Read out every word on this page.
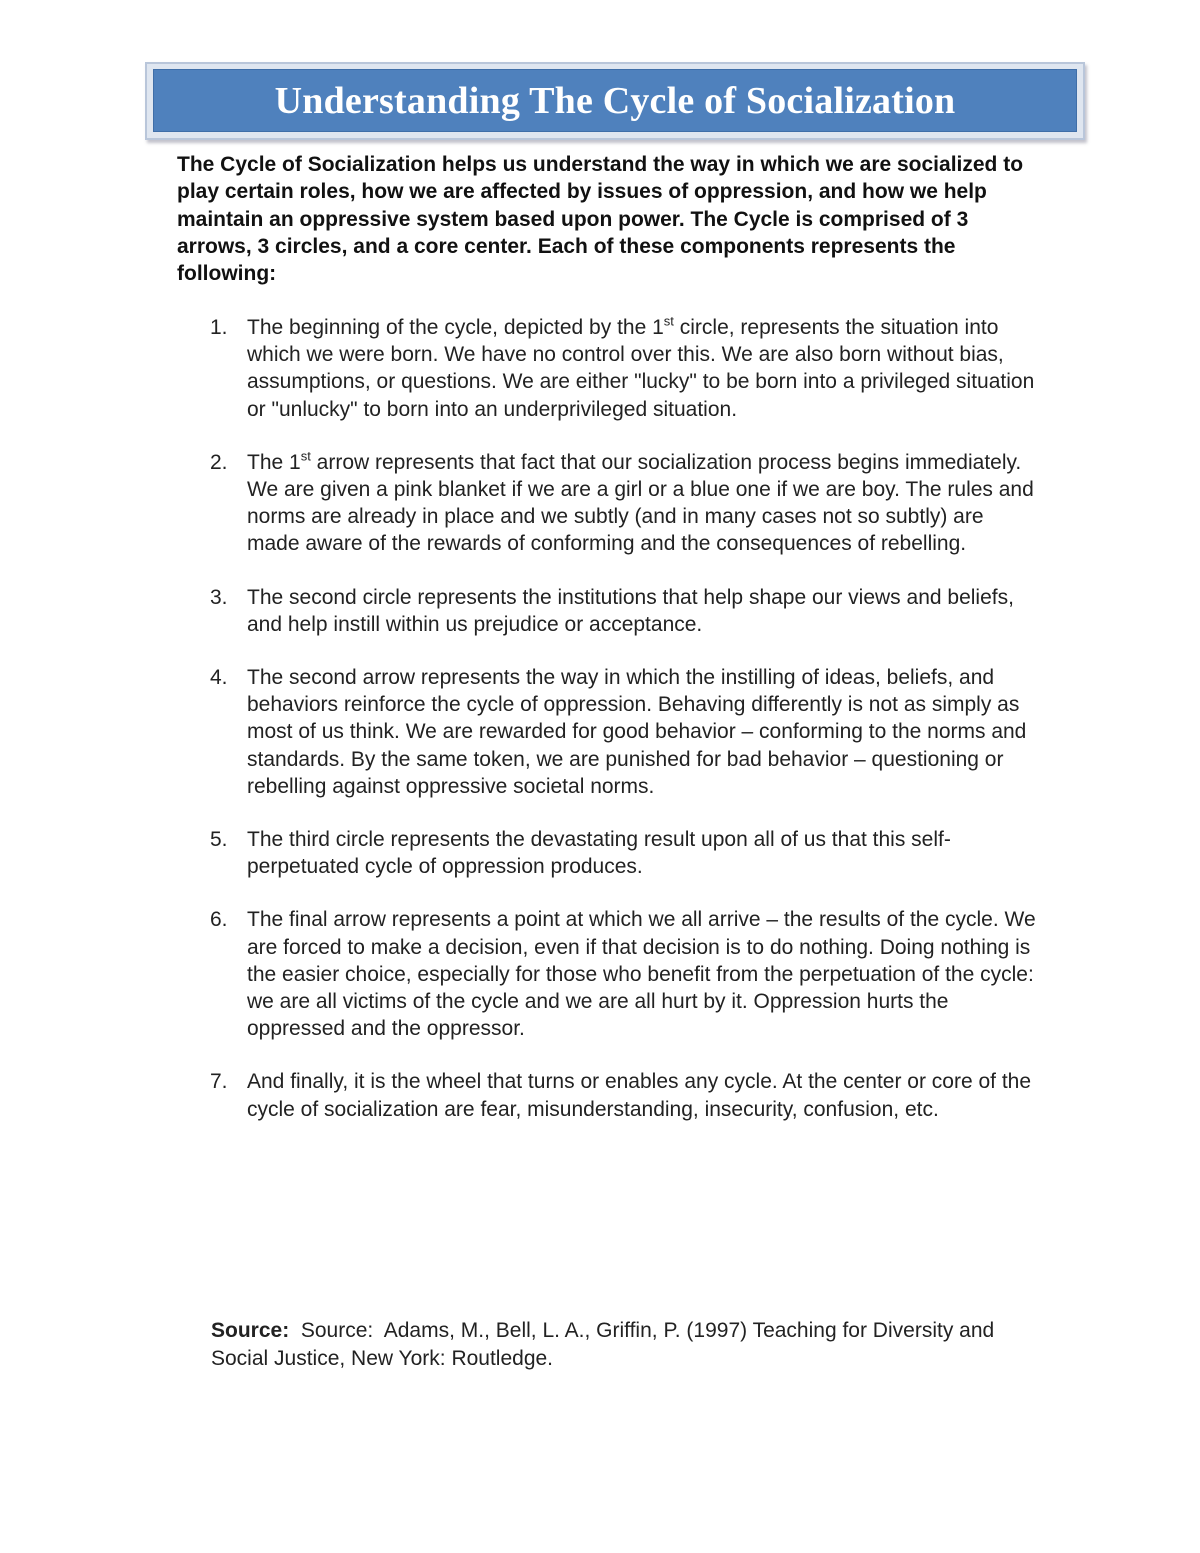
Understanding The Cycle of Socialization

The Cycle of Socialization helps us understand the way in which we are socialized to play certain roles, how we are affected by issues of oppression, and how we help maintain an oppressive system based upon power. The Cycle is comprised of 3 arrows, 3 circles, and a core center. Each of these components represents the following:

1. The beginning of the cycle, depicted by the 1st circle, represents the situation into which we were born. We have no control over this. We are also born without bias, assumptions, or questions. We are either "lucky" to be born into a privileged situation or "unlucky" to born into an underprivileged situation.
2. The 1st arrow represents that fact that our socialization process begins immediately. We are given a pink blanket if we are a girl or a blue one if we are boy. The rules and norms are already in place and we subtly (and in many cases not so subtly) are made aware of the rewards of conforming and the consequences of rebelling.
3. The second circle represents the institutions that help shape our views and beliefs, and help instill within us prejudice or acceptance.
4. The second arrow represents the way in which the instilling of ideas, beliefs, and behaviors reinforce the cycle of oppression. Behaving differently is not as simply as most of us think. We are rewarded for good behavior – conforming to the norms and standards. By the same token, we are punished for bad behavior – questioning or rebelling against oppressive societal norms.
5. The third circle represents the devastating result upon all of us that this self-perpetuated cycle of oppression produces.
6. The final arrow represents a point at which we all arrive – the results of the cycle. We are forced to make a decision, even if that decision is to do nothing. Doing nothing is the easier choice, especially for those who benefit from the perpetuation of the cycle: we are all victims of the cycle and we are all hurt by it. Oppression hurts the oppressed and the oppressor.
7. And finally, it is the wheel that turns or enables any cycle. At the center or core of the cycle of socialization are fear, misunderstanding, insecurity, confusion, etc.

Source:  Source:  Adams, M., Bell, L. A., Griffin, P. (1997) Teaching for Diversity and  Social Justice, New York: Routledge.
